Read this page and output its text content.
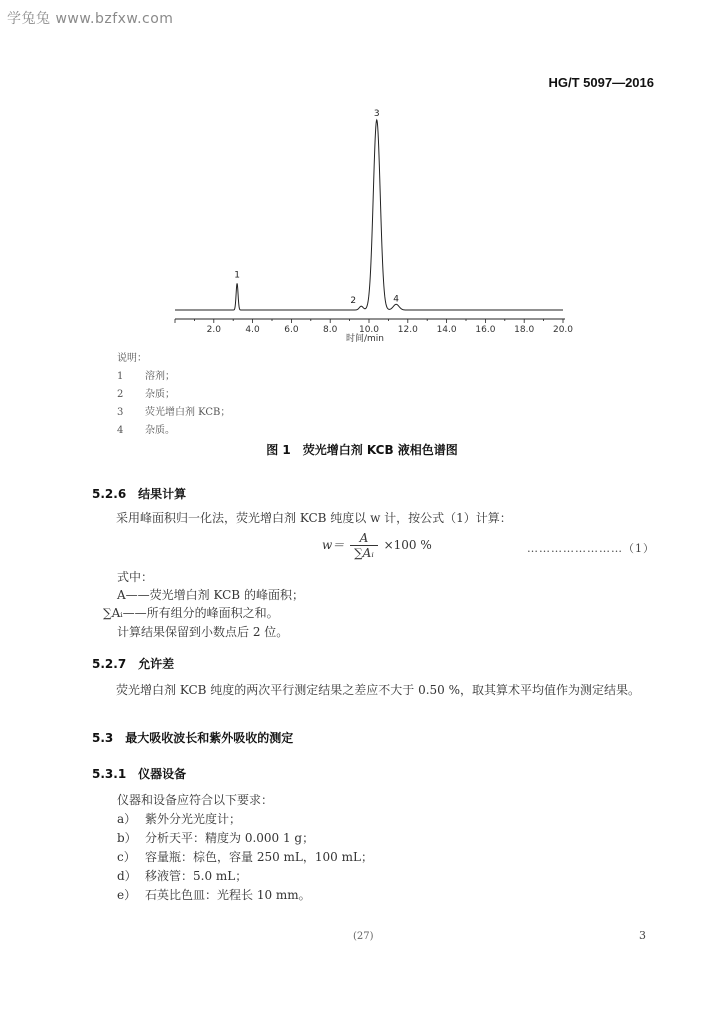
学兔兔 www.bzfxw.com
HG/T 5097—2016
1
2
3
4
2.0	4.0	6.0	8.0 10.0 12.0 14.0 16.0 18.0 20.0
时间/min
说明：
1	溶剂；
2	杂质；
3	荧光增白剂 KCB；
4	杂质。
图 1　荧光增白剂 KCB 液相色谱图
5.2.6 结果计算
采用峰面积归一化法，荧光增白剂 KCB 纯度以 w 计，按公式（1）计算：
$w= \frac{A}{\text{∑Aᵢ}} \times 100$ %	……………………（1）
式中：
A——荧光增白剂 KCB 的峰面积；
∑Aᵢ——所有组分的峰面积之和。
计算结果保留到小数点后 2 位。
5.2.7 允许差
荧光增白剂 KCB 纯度的两次平行测定结果之差应不大于 0.50 %，取其算术平均值作为测定结果。
5.3 最大吸收波长和紫外吸收的测定
5.3.1 仪器设备
仪器和设备应符合以下要求：
a） 紫外分光光度计；
b） 分析天平：精度为 0.000 1 g；
c） 容量瓶：棕色，容量 250 mL，100 mL；
d） 移液管：5.0 mL；
e） 石英比色皿：光程长 10 mm。
(27)	3
